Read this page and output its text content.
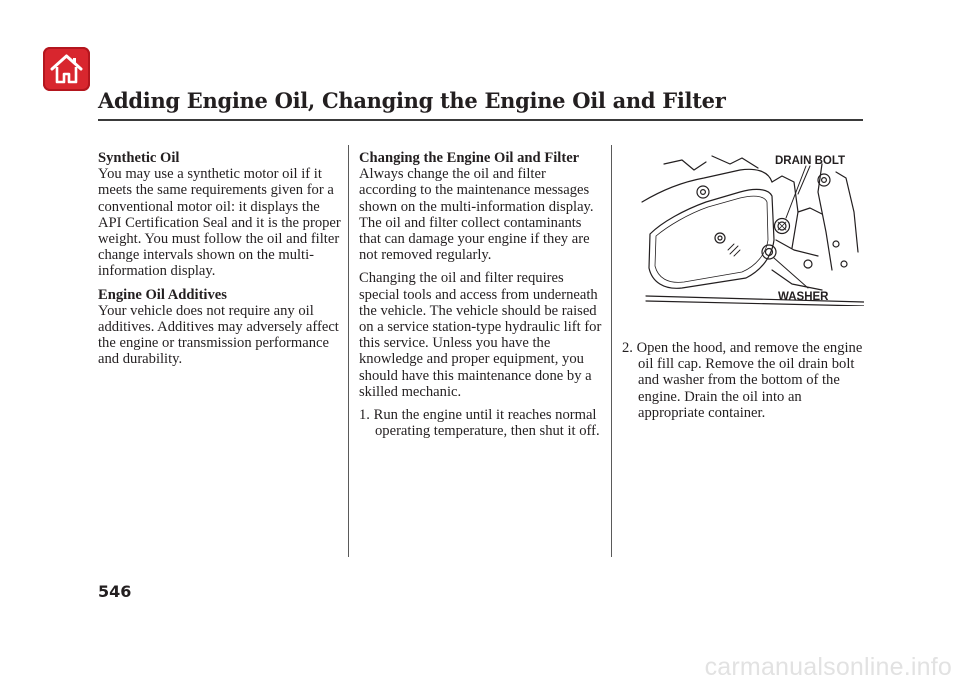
Adding Engine Oil, Changing the Engine Oil and Filter
Synthetic Oil

You may use a synthetic motor oil if it meets the same requirements given for a conventional motor oil: it displays the API Certification Seal and it is the proper weight. You must follow the oil and filter change intervals shown on the multi-information display.

Engine Oil Additives

Your vehicle does not require any oil additives. Additives may adversely affect the engine or transmission performance and durability.

Changing the Engine Oil and Filter

Always change the oil and filter according to the maintenance messages shown on the multi-information display. The oil and filter collect contaminants that can damage your engine if they are not removed regularly.

Changing the oil and filter requires special tools and access from underneath the vehicle. The vehicle should be raised on a service station-type hydraulic lift for this service. Unless you have the knowledge and proper equipment, you should have this maintenance done by a skilled mechanic.

1. Run the engine until it reaches normal operating temperature, then shut it off.

DRAIN BOLT
WASHER

2. Open the hood, and remove the engine oil fill cap. Remove the oil drain bolt and washer from the bottom of the engine. Drain the oil into an appropriate container.

546
carmanualsonline.info
